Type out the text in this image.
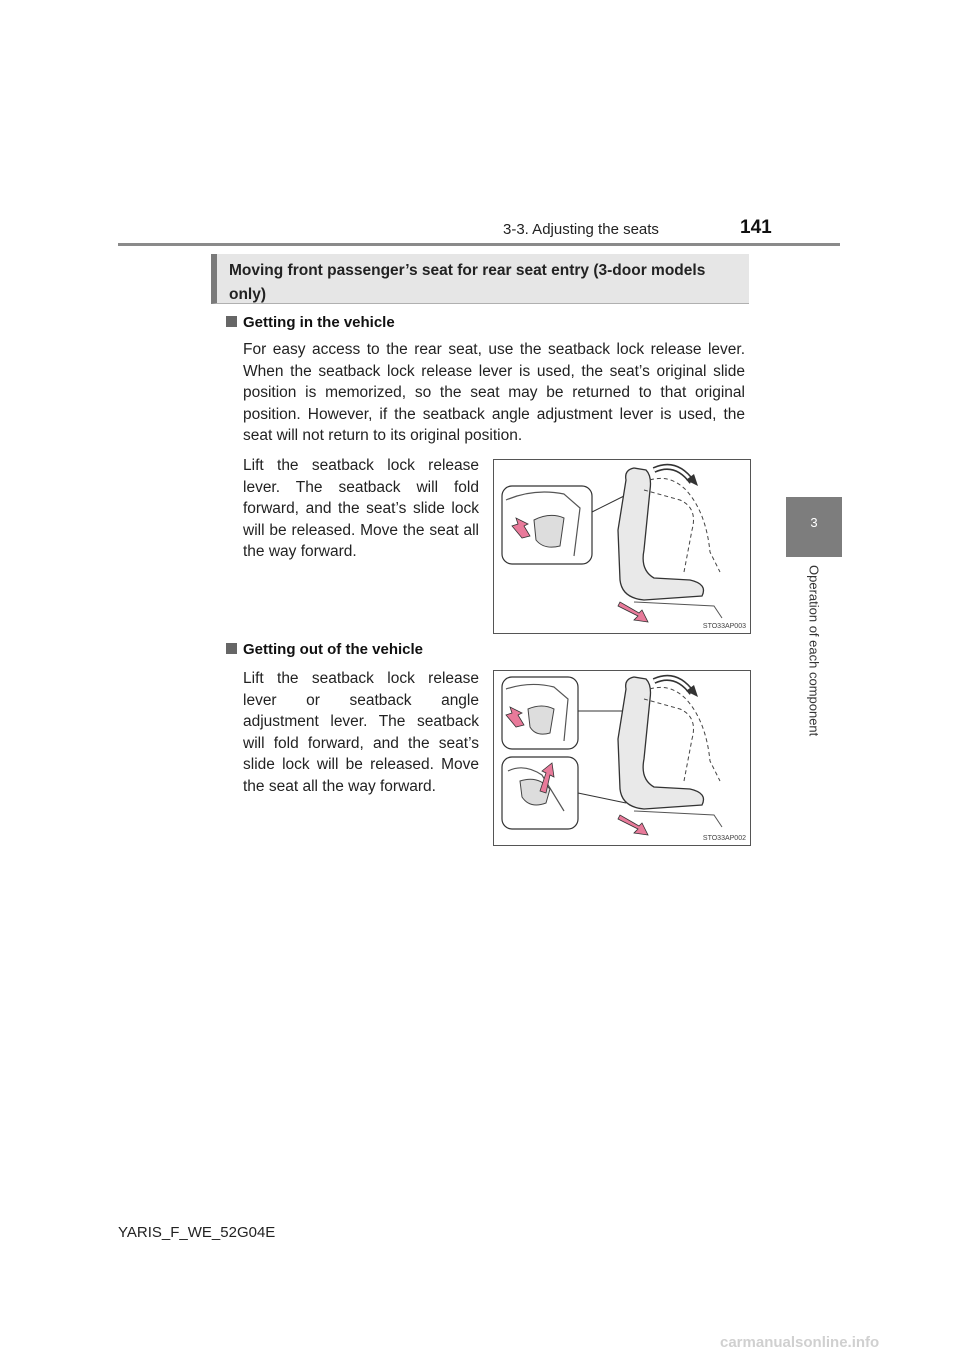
3-3. Adjusting the seats	141
3
Operation of each component
Moving front passenger’s seat for rear seat entry (3-door models only)
Getting in the vehicle
For easy access to the rear seat, use the seatback lock release lever. When the seatback lock release lever is used, the seat’s original slide position is memorized, so the seat may be returned to that original position. However, if the seatback angle adjustment lever is used, the seat will not return to its original position.
Lift the seatback lock release lever. The seatback will fold forward, and the seat’s slide lock will be released. Move the seat all the way forward.
STO33AP003
Getting out of the vehicle
Lift the seatback lock release lever or seatback angle adjustment lever. The seatback will fold forward, and the seat’s slide lock will be released. Move the seat all the way forward.
STO33AP002
YARIS_F_WE_52G04E
carmanualsonline.info
